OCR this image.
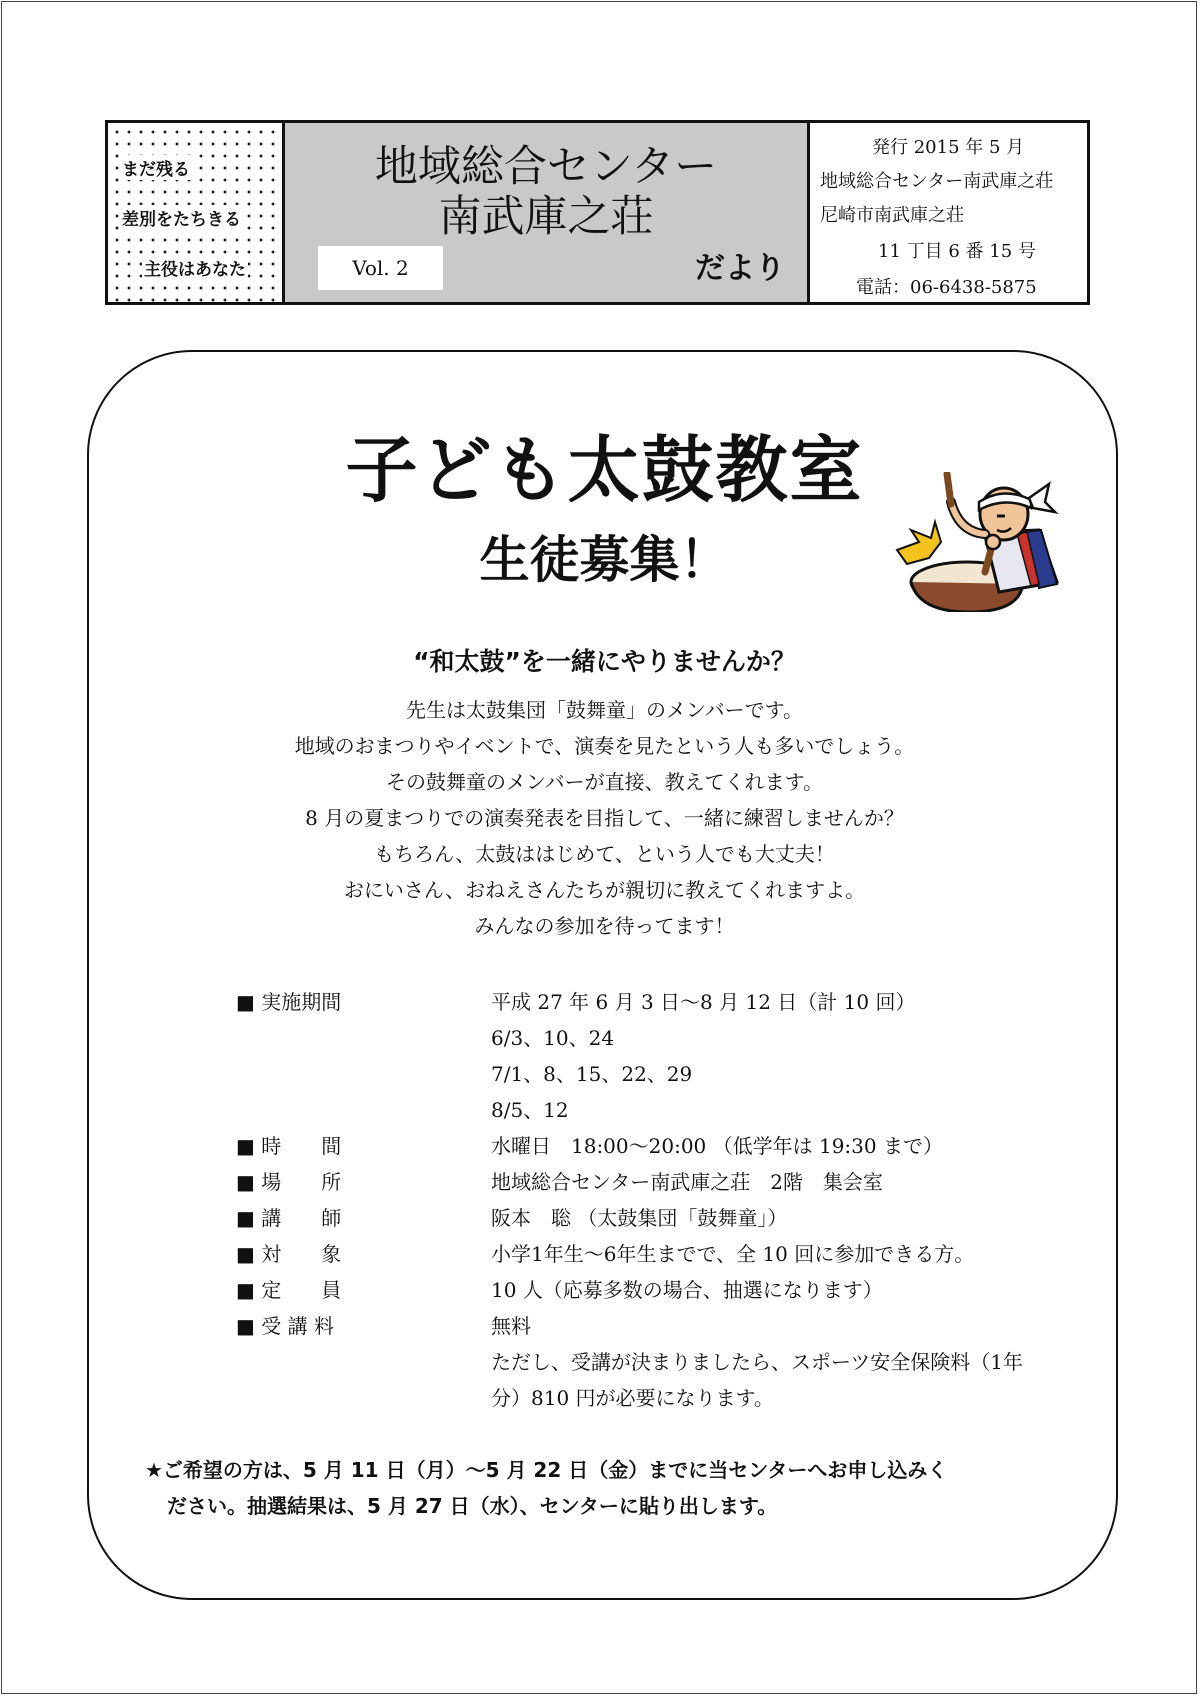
まだ残る
差別をたちきる
主役はあなた
地域総合センター
南武庫之荘
Vol. 2	だより
発行 2015 年 5 月
地域総合センター南武庫之荘
尼崎市南武庫之荘
11 丁目 6 番 15 号
電話：06-6438-5875
子ども太鼓教室
生徒募集！
“和太鼓”を一緒にやりませんか？
先生は太鼓集団「鼓舞童」のメンバーです。
地域のおまつりやイベントで、演奏を見たという人も多いでしょう。
その鼓舞童のメンバーが直接、教えてくれます。
8 月の夏まつりでの演奏発表を目指して、一緒に練習しませんか？
もちろん、太鼓ははじめて、という人でも大丈夫！
おにいさん、おねえさんたちが親切に教えてくれますよ。
みんなの参加を待ってます！
■ 実施期間	平成 27 年 6 月 3 日～8 月 12 日（計 10 回）
6/3、10、24
7/1、8、15、22、29
8/5、12
■ 時　　間	水曜日　18:00～20:00 （低学年は 19:30 まで）
■ 場　　所	地域総合センター南武庫之荘　2階　集会室
■ 講　　師	阪本　聡 （太鼓集団「鼓舞童」）
■ 対　　象	小学1年生～6年生までで、全 10 回に参加できる方。
■ 定　　員	10 人（応募多数の場合、抽選になります）
■ 受 講 料	無料
ただし、受講が決まりましたら、スポーツ安全保険料（1年
分）810 円が必要になります。
★ご希望の方は、5 月 11 日（月）～5 月 22 日（金）までに当センターへお申し込みく
ださい。抽選結果は、5 月 27 日（水）、センターに貼り出します。
